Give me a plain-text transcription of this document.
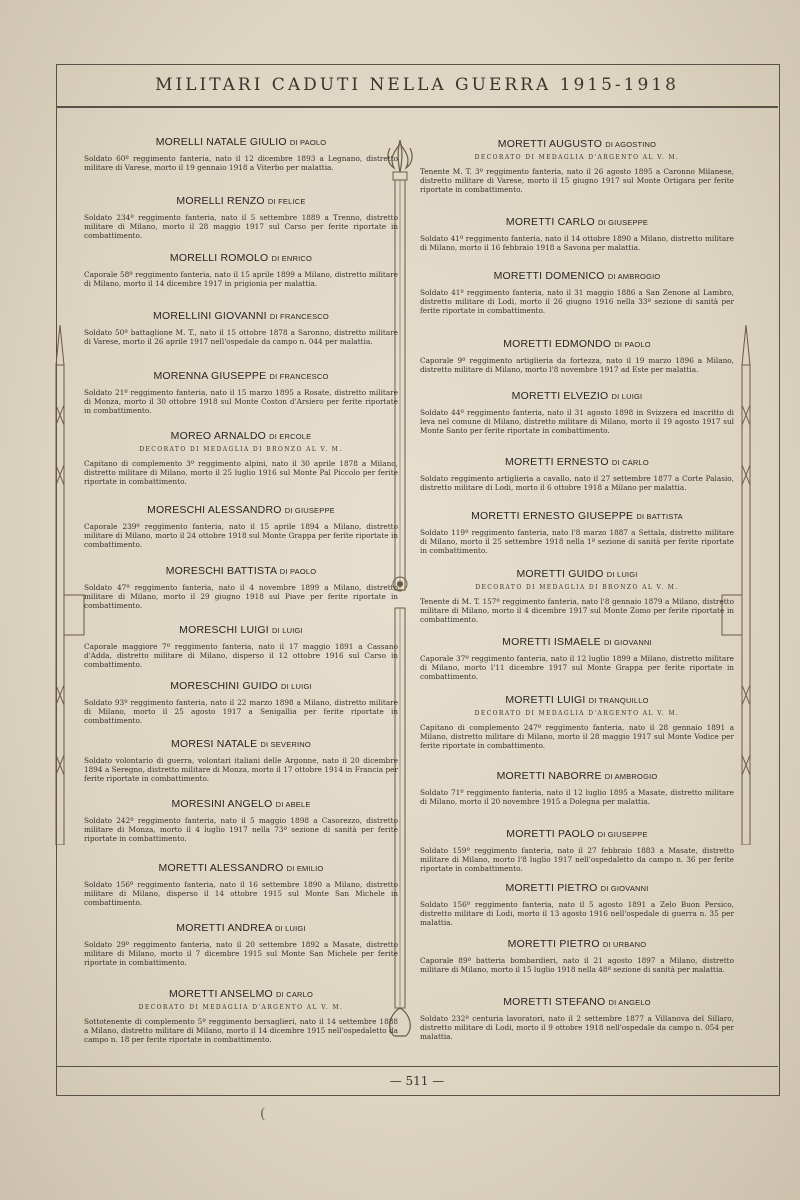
MILITARI CADUTI NELLA GUERRA 1915-1918
MORELLI NATALE GIULIO DI PAOLO
Soldato 60º reggimento fanteria, nato il 12 dicembre 1893 a Legnano, distretto militare di Varese, morto il 19 gennaio 1918 a Viterbo per malattia.
MORELLI RENZO DI FELICE
Soldato 234º reggimento fanteria, nato il 5 settembre 1889 a Trenno, distretto militare di Milano, morto il 28 maggio 1917 sul Carso per ferite riportate in combattimento.
MORELLI ROMOLO DI ENRICO
Caporale 58º reggimento fanteria, nato il 15 aprile 1899 a Milano, distretto militare di Milano, morto il 14 dicembre 1917 in prigionia per malattia.
MORELLINI GIOVANNI DI FRANCESCO
Soldato 50º battaglione M. T., nato il 15 ottobre 1878 a Saronno, distretto militare di Varese, morto il 26 aprile 1917 nell'ospedale da campo n. 044 per malattia.
MORENNA GIUSEPPE DI FRANCESCO
Soldato 21º reggimento fanteria, nato il 15 marzo 1895 a Rosate, distretto militare di Monza, morto il 30 ottobre 1918 sul Monte Coston d'Arsiero per ferite riportate in combattimento.
MOREO ARNALDO DI ERCOLE
DECORATO DI MEDAGLIA DI BRONZO AL V. M.
Capitano di complemento 3º reggimento alpini, nato il 30 aprile 1878 a Milano, distretto militare di Milano, morto il 25 luglio 1916 sul Monte Pal Piccolo per ferite riportate in combattimento.
MORESCHI ALESSANDRO DI GIUSEPPE
Caporale 239º reggimento fanteria, nato il 15 aprile 1894 a Milano, distretto militare di Milano, morto il 24 ottobre 1918 sul Monte Grappa per ferite riportate in combattimento.
MORESCHI BATTISTA DI PAOLO
Soldato 47º reggimento fanteria, nato il 4 novembre 1899 a Milano, distretto militare di Milano, morto il 29 giugno 1918 sul Piave per ferite riportate in combattimento.
MORESCHI LUIGI DI LUIGI
Caporale maggiore 7º reggimento fanteria, nato il 17 maggio 1891 a Cassano d'Adda, distretto militare di Milano, disperso il 12 ottobre 1916 sul Carso in combattimento.
MORESCHINI GUIDO DI LUIGI
Soldato 93º reggimento fanteria, nato il 22 marzo 1898 a Milano, distretto militare di Milano, morto il 25 agosto 1917 a Senigallia per ferite riportate in combattimento.
MORESI NATALE DI SEVERINO
Soldato volontario di guerra, volontari italiani delle Argonne, nato il 20 dicembre 1894 a Seregno, distretto militare di Monza, morto il 17 ottobre 1914 in Francia per ferite riportate in combattimento.
MORESINI ANGELO DI ABELE
Soldato 242º reggimento fanteria, nato il 5 maggio 1898 a Casorezzo, distretto militare di Monza, morto il 4 luglio 1917 nella 73ª sezione di sanità per ferite riportate in combattimento.
MORETTI ALESSANDRO DI EMILIO
Soldato 156º reggimento fanteria, nato il 16 settembre 1890 a Milano, distretto militare di Milano, disperso il 14 ottobre 1915 sul Monte San Michele in combattimento.
MORETTI ANDREA DI LUIGI
Soldato 29º reggimento fanteria, nato il 20 settembre 1892 a Masate, distretto militare di Milano, morto il 7 dicembre 1915 sul Monte San Michele per ferite riportate in combattimento.
MORETTI ANSELMO DI CARLO
DECORATO DI MEDAGLIA D'ARGENTO AL V. M.
Sottotenente di complemento 5º reggimento bersaglieri, nato il 14 settembre 1888 a Milano, distretto militare di Milano, morto il 14 dicembre 1915 nell'ospedaletto da campo n. 18 per ferite riportate in combattimento.
MORETTI AUGUSTO DI AGOSTINO
DECORATO DI MEDAGLIA D'ARGENTO AL V. M.
Tenente M. T. 3º reggimento fanteria, nato il 26 agosto 1895 a Caronno Milanese, distretto militare di Varese, morto il 15 giugno 1917 sul Monte Ortigara per ferite riportate in combattimento.
MORETTI CARLO DI GIUSEPPE
Soldato 41º reggimento fanteria, nato il 14 ottobre 1890 a Milano, distretto militare di Milano, morto il 16 febbraio 1918 a Savona per malattia.
MORETTI DOMENICO DI AMBROGIO
Soldato 41º reggimento fanteria, nato il 31 maggio 1886 a San Zenone al Lambro, distretto militare di Lodi, morto il 26 giugno 1916 nella 33ª sezione di sanità per ferite riportate in combattimento.
MORETTI EDMONDO DI PAOLO
Caporale 9º reggimento artiglieria da fortezza, nato il 19 marzo 1896 a Milano, distretto militare di Milano, morto l'8 novembre 1917 ad Este per malattia.
MORETTI ELVEZIO DI LUIGI
Soldato 44º reggimento fanteria, nato il 31 agosto 1898 in Svizzera ed inscritto di leva nel comune di Milano, distretto militare di Milano, morto il 19 agosto 1917 sul Monte Santo per ferite riportate in combattimento.
MORETTI ERNESTO DI CARLO
Soldato reggimento artiglieria a cavallo, nato il 27 settembre 1877 a Corte Palasio, distretto militare di Lodi, morto il 6 ottobre 1918 a Milano per malattia.
MORETTI ERNESTO GIUSEPPE DI BATTISTA
Soldato 119º reggimento fanteria, nato l'8 marzo 1887 a Settala, distretto militare di Milano, morto il 25 settembre 1918 nella 1ª sezione di sanità per ferite riportate in combattimento.
MORETTI GUIDO DI LUIGI
DECORATO DI MEDAGLIA DI BRONZO AL V. M.
Tenente di M. T. 157º reggimento fanteria, nato l'8 gennaio 1879 a Milano, distretto militare di Milano, morto il 4 dicembre 1917 sul Monte Zomo per ferite riportate in combattimento.
MORETTI ISMAELE DI GIOVANNI
Caporale 37º reggimento fanteria, nato il 12 luglio 1899 a Milano, distretto militare di Milano, morto l'11 dicembre 1917 sul Monte Grappa per ferite riportate in combattimento.
MORETTI LUIGI DI TRANQUILLO
DECORATO DI MEDAGLIA D'ARGENTO AL V. M.
Capitano di complemento 247º reggimento fanteria, nato il 28 gennaio 1891 a Milano, distretto militare di Milano, morto il 28 maggio 1917 sul Monte Vodice per ferite riportate in combattimento.
MORETTI NABORRE DI AMBROGIO
Soldato 71º reggimento fanteria, nato il 12 luglio 1895 a Masate, distretto militare di Milano, morto il 20 novembre 1915 a Dolegna per malattia.
MORETTI PAOLO DI GIUSEPPE
Soldato 159º reggimento fanteria, nato il 27 febbraio 1883 a Masate, distretto militare di Milano, morto l'8 luglio 1917 nell'ospedaletto da campo n. 36 per ferite riportate in combattimento.
MORETTI PIETRO DI GIOVANNI
Soldato 156º reggimento fanteria, nato il 5 agosto 1891 a Zelo Buon Persico, distretto militare di Lodi, morto il 13 agosto 1916 nell'ospedale di guerra n. 35 per malattia.
MORETTI PIETRO DI URBANO
Caporale 89ª batteria bombardieri, nato il 21 agosto 1897 a Milano, distretto militare di Milano, morto il 15 luglio 1918 nella 48ª sezione di sanità per malattia.
MORETTI STEFANO DI ANGELO
Soldato 232ª centuria lavoratori, nato il 2 settembre 1877 a Villanova del Sillaro, distretto militare di Lodi, morto il 9 ottobre 1918 nell'ospedale da campo n. 054 per malattia.
— 511 —
(
